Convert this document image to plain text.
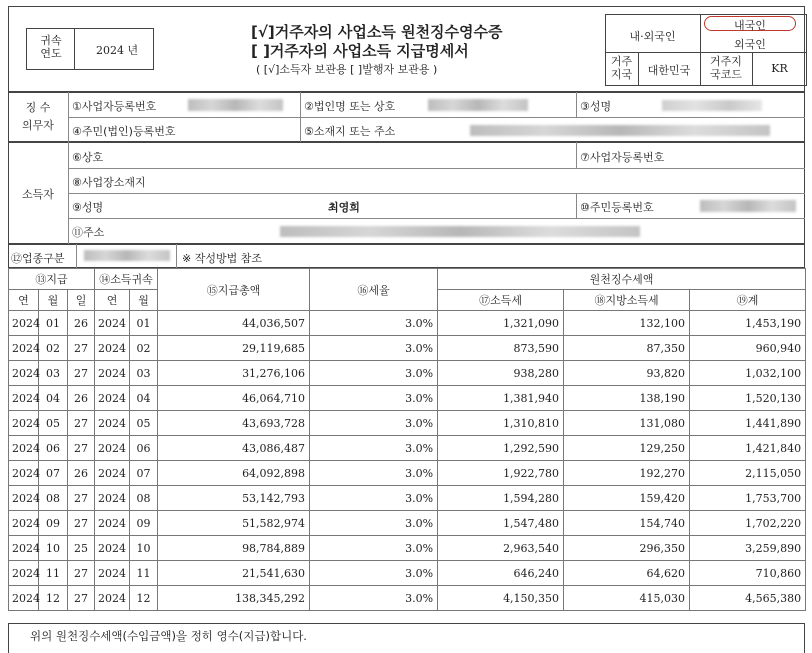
귀속
연도	2024 년
[√]거주자의 사업소득 원천징수영수증
[ ]거주자의 사업소득 지급명세서
( [√]소득자 보관용 [ ]발행자 보관용 )
내·외국인
내국인
외국인
거주
지국	대한민국
거주지
국코드	KR
징 수
의무자
①사업자등록번호	②법인명 또는 상호	③성명
④주민(법인)등록번호	⑤소재지 또는 주소
소득자
⑥상호	⑦사업자등록번호
⑧사업장소재지
⑨성명	최영희	⑩주민등록번호
⑪주소
⑫업종구분	※ 작성방법 참조
⑬지급			⑭소득귀속		⑮지급총액	⑯세율	원천징수세액		
연	월	일	연	월			⑰소득세	⑱지방소득세	⑲계
2024	01	26	2024	01	44,036,507	3.0%	1,321,090	132,100	1,453,190
2024	02	27	2024	02	29,119,685	3.0%	873,590	87,350	960,940
2024	03	27	2024	03	31,276,106	3.0%	938,280	93,820	1,032,100
2024	04	26	2024	04	46,064,710	3.0%	1,381,940	138,190	1,520,130
2024	05	27	2024	05	43,693,728	3.0%	1,310,810	131,080	1,441,890
2024	06	27	2024	06	43,086,487	3.0%	1,292,590	129,250	1,421,840
2024	07	26	2024	07	64,092,898	3.0%	1,922,780	192,270	2,115,050
2024	08	27	2024	08	53,142,793	3.0%	1,594,280	159,420	1,753,700
2024	09	27	2024	09	51,582,974	3.0%	1,547,480	154,740	1,702,220
2024	10	25	2024	10	98,784,889	3.0%	2,963,540	296,350	3,259,890
2024	11	27	2024	11	21,541,630	3.0%	646,240	64,620	710,860
2024	12	27	2024	12	138,345,292	3.0%	4,150,350	415,030	4,565,380
위의 원천징수세액(수입금액)을 정히 영수(지급)합니다.
